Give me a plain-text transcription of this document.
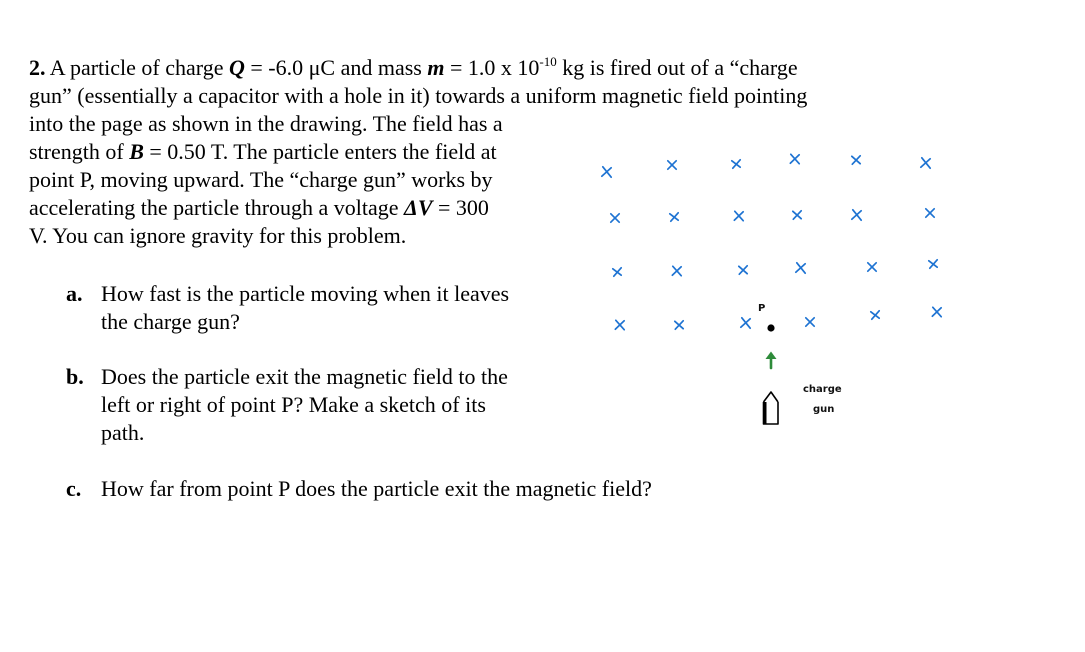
2. A particle of charge Q = -6.0 μC and mass m = 1.0 x $10^{-10}$ kg is fired out of a “charge
gun” (essentially a capacitor with a hole in it) towards a uniform magnetic field pointing
into the page as shown in the drawing. The field has a
strength of B = 0.50 T. The particle enters the field at
point P, moving upward. The “charge gun” works by
accelerating the particle through a voltage ΔV = 300
V. You can ignore gravity for this problem.
a. How fast is the particle moving when it leaves
the charge gun?
b. Does the particle exit the magnetic field to the
left or right of point P? Make a sketch of its
path.
c. How far from point P does the particle exit the magnetic field?
P
charge
gun
